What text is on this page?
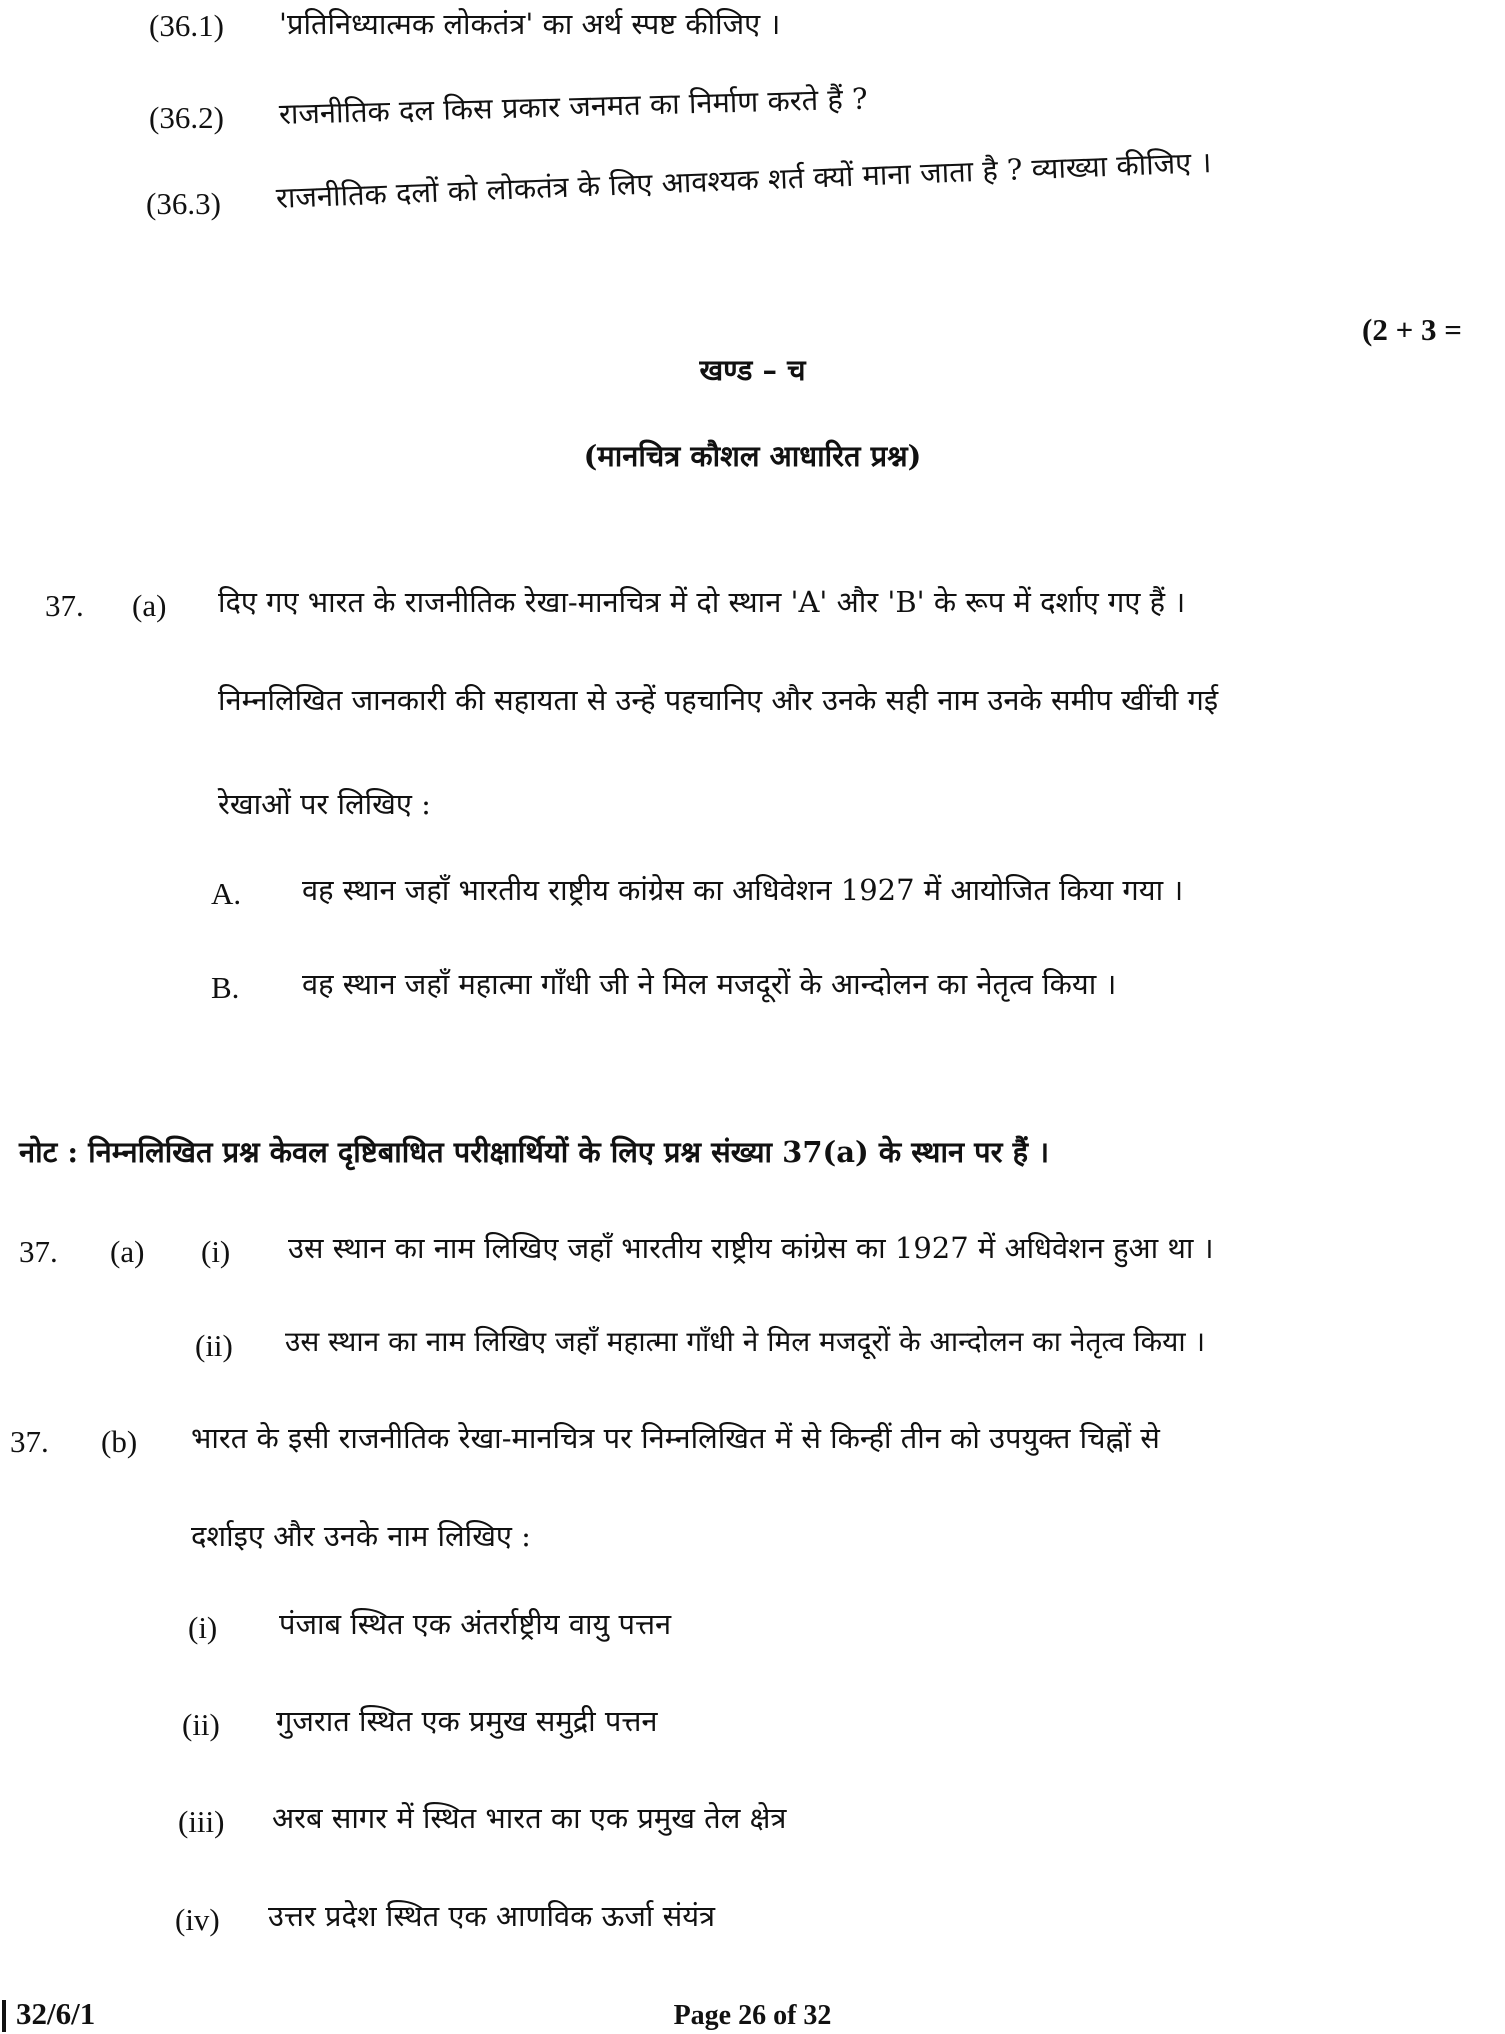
(36.1) 'प्रतिनिध्यात्मक लोकतंत्र' का अर्थ स्पष्ट कीजिए ।
(36.2) राजनीतिक दल किस प्रकार जनमत का निर्माण करते हैं ?
(36.3) राजनीतिक दलों को लोकतंत्र के लिए आवश्यक शर्त क्यों माना जाता है ? व्याख्या कीजिए ।
(2 + 3 =
खण्ड – च
(मानचित्र कौशल आधारित प्रश्न)
37. (a) दिए गए भारत के राजनीतिक रेखा-मानचित्र में दो स्थान 'A' और 'B' के रूप में दर्शाए गए हैं ।
निम्नलिखित जानकारी की सहायता से उन्हें पहचानिए और उनके सही नाम उनके समीप खींची गई
रेखाओं पर लिखिए :
A. वह स्थान जहाँ भारतीय राष्ट्रीय कांग्रेस का अधिवेशन 1927 में आयोजित किया गया ।
B. वह स्थान जहाँ महात्मा गाँधी जी ने मिल मजदूरों के आन्दोलन का नेतृत्व किया ।
नोट : निम्नलिखित प्रश्न केवल दृष्टिबाधित परीक्षार्थियों के लिए प्रश्न संख्या 37(a) के स्थान पर हैं ।
37. (a) (i) उस स्थान का नाम लिखिए जहाँ भारतीय राष्ट्रीय कांग्रेस का 1927 में अधिवेशन हुआ था ।
(ii) उस स्थान का नाम लिखिए जहाँ महात्मा गाँधी ने मिल मजदूरों के आन्दोलन का नेतृत्व किया ।
37. (b) भारत के इसी राजनीतिक रेखा-मानचित्र पर निम्नलिखित में से किन्हीं तीन को उपयुक्त चिह्नों से
दर्शाइए और उनके नाम लिखिए :
(i) पंजाब स्थित एक अंतर्राष्ट्रीय वायु पत्तन
(ii) गुजरात स्थित एक प्रमुख समुद्री पत्तन
(iii) अरब सागर में स्थित भारत का एक प्रमुख तेल क्षेत्र
(iv) उत्तर प्रदेश स्थित एक आणविक ऊर्जा संयंत्र
32/6/1	Page 26 of 32
